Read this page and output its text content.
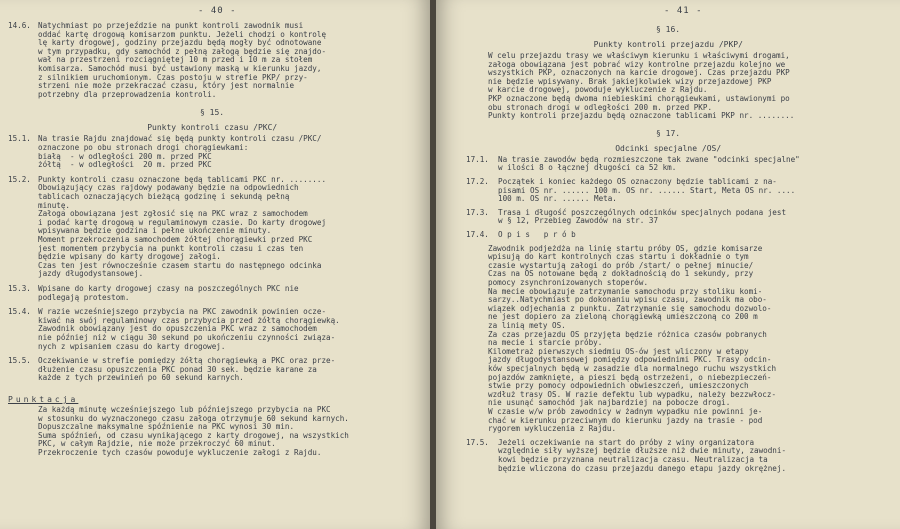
- 40 -
14.6. Natychmiast po przejeździe na punkt kontroli zawodnik musi
oddać kartę drogową komisarzom punktu. Jeżeli chodzi o kontrolę
lę karty drogowej, godziny przejazdu będą mogły być odnotowane
w tym przypadku, gdy samochód z pełną załogą będzie się znajdo-
wał na przestrzeni rozciągniętej 10 m przed i 10 m za stołem
komisarza. Samochód musi być ustawiony maską w kierunku jazdy,
z silnikiem uruchomionym. Czas postoju w strefie PKP/ przy-
strzeni nie może przekraczać czasu, który jest normalnie
potrzebny dla przeprowadzenia kontroli.
§ 15.
Punkty kontroli czasu /PKC/
15.1. Na trasie Rajdu znajdować się będą punkty kontroli czasu /PKC/
oznaczone po obu stronach drogi chorągiewkami:
białą  - w odległości 200 m. przed PKC
żółtą  - w odległości  20 m. przed PKC
15.2. Punkty kontroli czasu oznaczone będą tablicami PKC nr. ........
Obowiązujący czas rajdowy podawany będzie na odpowiednich
tablicach oznaczających bieżącą godzinę i sekundą pełną
minutę.
Załoga obowiązana jest zgłosić się na PKC wraz z samochodem
i podać kartę drogową w regulaminowym czasie. Do karty drogowej
wpisywana będzie godzina i pełne ukończenie minuty.
Moment przekroczenia samochodem żółtej chorągiewki przed PKC
jest momentem przybycia na punkt kontroli czasu i czas ten
będzie wpisany do karty drogowej załogi.
Czas ten jest równocześnie czasem startu do następnego odcinka
jazdy długodystansowej.
15.3. Wpisane do karty drogowej czasy na poszczególnych PKC nie
podlegają protestom.
15.4. W razie wcześniejszego przybycia na PKC zawodnik powinien ocze-
kiwać na swój regulaminowy czas przybycia przed żółtą chorągiewką.
Zawodnik obowiązany jest do opuszczenia PKC wraz z samochodem
nie później niż w ciągu 30 sekund po ukończeniu czynności związa-
nych z wpisaniem czasu do karty drogowej.
15.5. Oczekiwanie w strefie pomiędzy żółtą chorągiewką a PKC oraz prze-
dłużenie czasu opuszczenia PKC ponad 30 sek. będzie karane za
każde z tych przewinień po 60 sekund karnych.
Punktacja
Za każdą minutę wcześniejszego lub późniejszego przybycia na PKC
w stosunku do wyznaczonego czasu załoga otrzymuje 60 sekund karnych.
Dopuszczalne maksymalne spóźnienie na PKC wynosi 30 min.
Suma spóźnień, od czasu wynikającego z karty drogowej, na wszystkich
PKC, w całym Rajdzie, nie może przekroczyć 60 minut.
Przekroczenie tych czasów powoduje wykluczenie załogi z Rajdu.
- 41 -
§ 16.
Punkty kontroli przejazdu /PKP/
W celu przejazdu trasy we właściwym kierunku i właściwymi drogami,
załoga obowiązana jest pobrać wizy kontrolne przejazdu kolejno we
wszystkich PKP, oznaczonych na karcie drogowej. Czas przejazdu PKP
nie będzie wpisywany. Brak jakiejkolwiek wizy przejazdowej PKP
w karcie drogowej, powoduje wykluczenie z Rajdu.
PKP oznaczone będą dwoma niebieskimi chorągiewkami, ustawionymi po
obu stronach drogi w odległości 200 m. przed PKP.
Punkty kontroli przejazdu będą oznaczone tablicami PKP nr. ........
§ 17.
Odcinki specjalne /OS/
17.1. Na trasie zawodów będą rozmieszczone tak zwane "odcinki specjalne"
w ilości 8 o łącznej długości ca 52 km.
17.2. Początek i koniec każdego OS oznaczony będzie tablicami z na-
pisami OS nr. ...... 100 m. OS nr. ...... Start, Meta OS nr. ....
100 m. OS nr. ...... Meta.
17.3. Trasa i długość poszczególnych odcinków specjalnych podana jest
w § 12, Przebieg Zawodów na str. 37
17.4. O p i s   p r ó b
Zawodnik podjeżdża na linię startu próby OS, gdzie komisarze
wpisują do kart kontrolnych czas startu i dokładnie o tym
czasie wystartują załogi do prób /start/ o pełnej minucie/
Czas na OS notowane będą z dokładnością do 1 sekundy, przy
pomocy zsynchronizowanych stoperów.
Na mecie obowiązuje zatrzymanie samochodu przy stoliku komi-
sarzy..Natychmiast po dokonaniu wpisu czasu, zawodnik ma obo-
wiązek odjechania z punktu. Zatrzymanie się samochodu dozwolo-
ne jest dopiero za zieloną chorągiewką umieszczoną co 200 m
za linią mety OS.
Za czas przejazdu OS przyjęta będzie różnica czasów pobranych
na mecie i starcie próby.
Kilometraż pierwszych siedmiu OS-ów jest wliczony w etapy
jazdy długodystansowej pomiędzy odpowiednimi PKC. Trasy odcin-
ków specjalnych będą w zasadzie dla normalnego ruchu wszystkich
pojazdów zamknięte, a pieszi będą ostrzeżeni, o niebezpieczeń-
stwie przy pomocy odpowiednich obwieszczeń, umieszczonych
wzdłuż trasy OS. W razie defektu lub wypadku, należy bezzwłocz-
nie usunąć samochód jak najbardziej na pobocze drogi.
W czasie w/w prób zawodnicy w żadnym wypadku nie powinni je-
chać w kierunku przeciwnym do kierunku jazdy na trasie - pod
rygorem wykluczenia z Rajdu.
17.5. Jeżeli oczekiwanie na start do próby z winy organizatora
względnie siły wyższej będzie dłuższe niż dwie minuty, zawodni-
kowi będzie przyznana neutralizacja czasu. Neutralizacja ta
będzie wliczona do czasu przejazdu danego etapu jazdy okrężnej.
